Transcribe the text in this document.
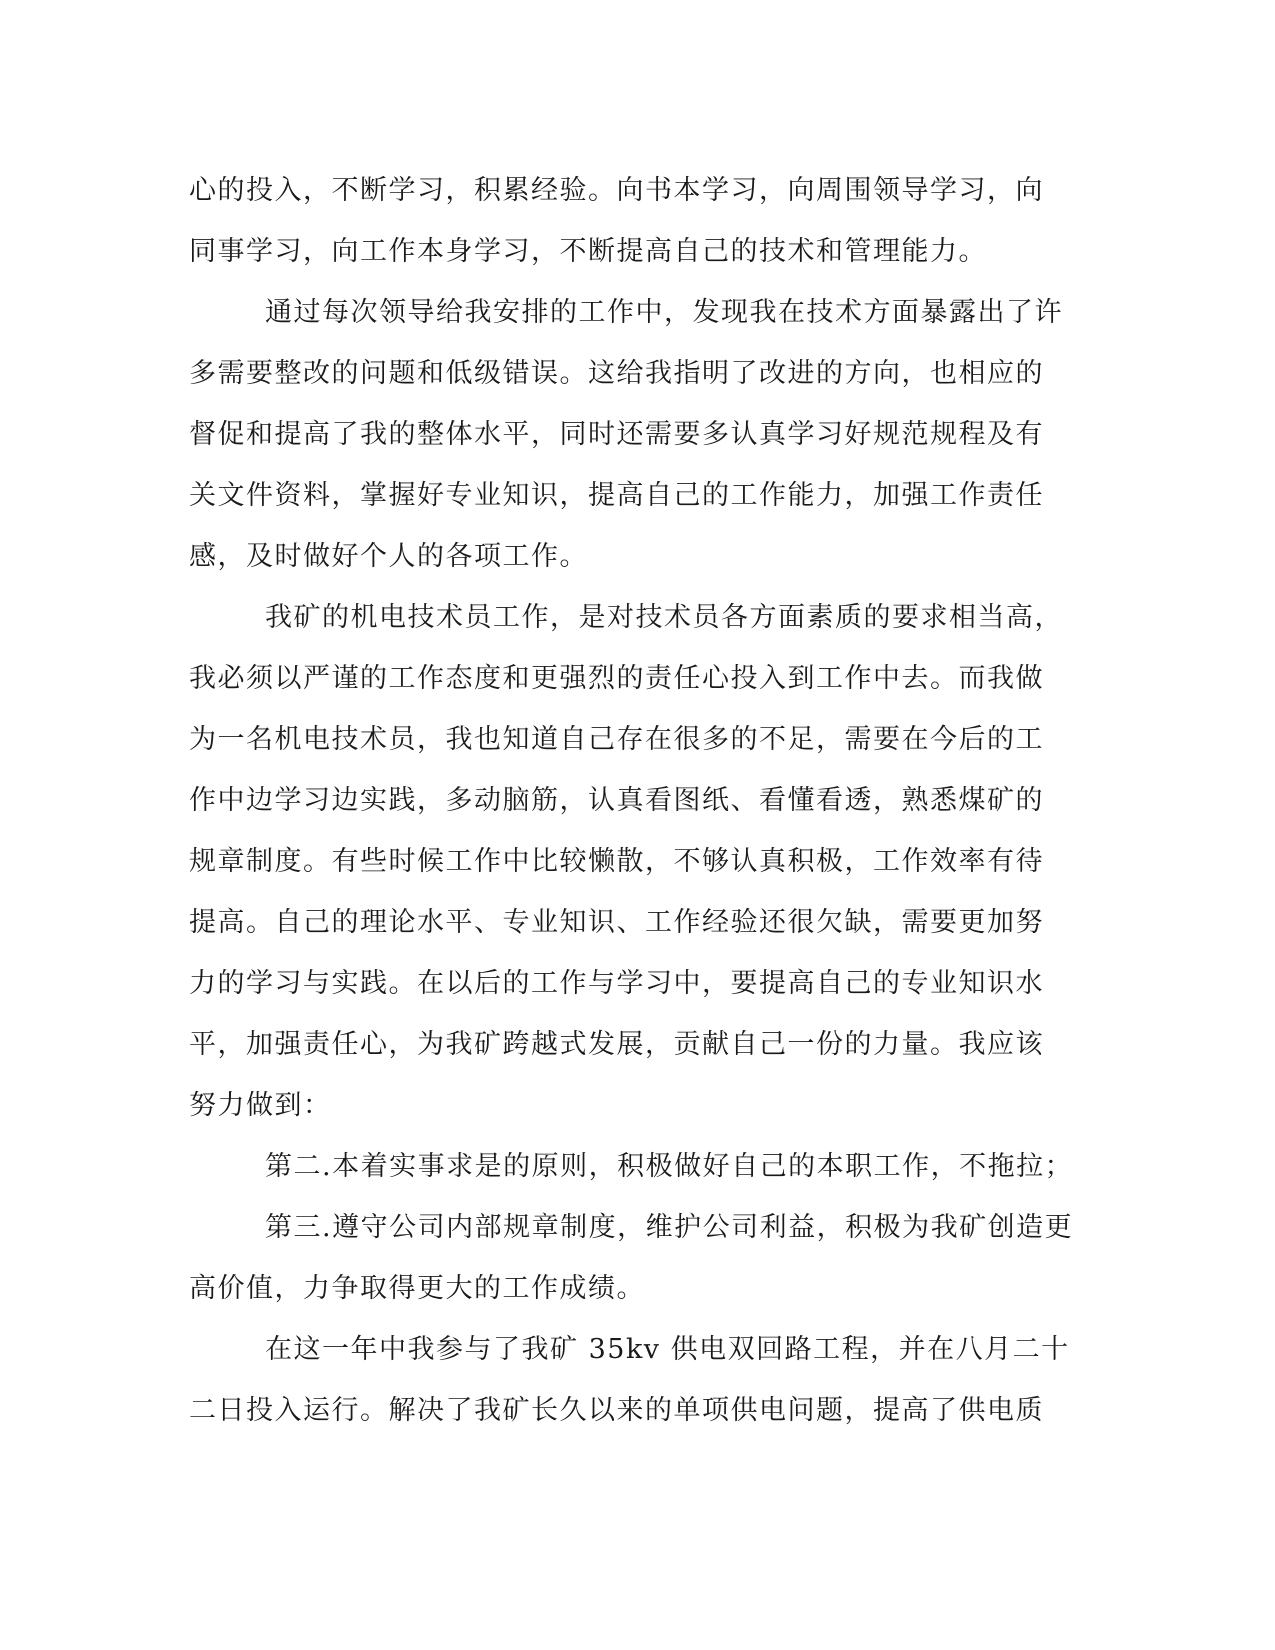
心的投入，不断学习，积累经验。向书本学习，向周围领导学习，向
同事学习，向工作本身学习，不断提高自己的技术和管理能力。
通过每次领导给我安排的工作中，发现我在技术方面暴露出了许
多需要整改的问题和低级错误。这给我指明了改进的方向，也相应的
督促和提高了我的整体水平，同时还需要多认真学习好规范规程及有
关文件资料，掌握好专业知识，提高自己的工作能力，加强工作责任
感，及时做好个人的各项工作。
我矿的机电技术员工作，是对技术员各方面素质的要求相当高，
我必须以严谨的工作态度和更强烈的责任心投入到工作中去。而我做
为一名机电技术员，我也知道自己存在很多的不足，需要在今后的工
作中边学习边实践，多动脑筋，认真看图纸、看懂看透，熟悉煤矿的
规章制度。有些时候工作中比较懒散，不够认真积极，工作效率有待
提高。自己的理论水平、专业知识、工作经验还很欠缺，需要更加努
力的学习与实践。在以后的工作与学习中，要提高自己的专业知识水
平，加强责任心，为我矿跨越式发展，贡献自己一份的力量。我应该
努力做到：
第二.本着实事求是的原则，积极做好自己的本职工作，不拖拉；
第三.遵守公司内部规章制度，维护公司利益，积极为我矿创造更
高价值，力争取得更大的工作成绩。
在这一年中我参与了我矿 35kv 供电双回路工程，并在八月二十
二日投入运行。解决了我矿长久以来的单项供电问题，提高了供电质
